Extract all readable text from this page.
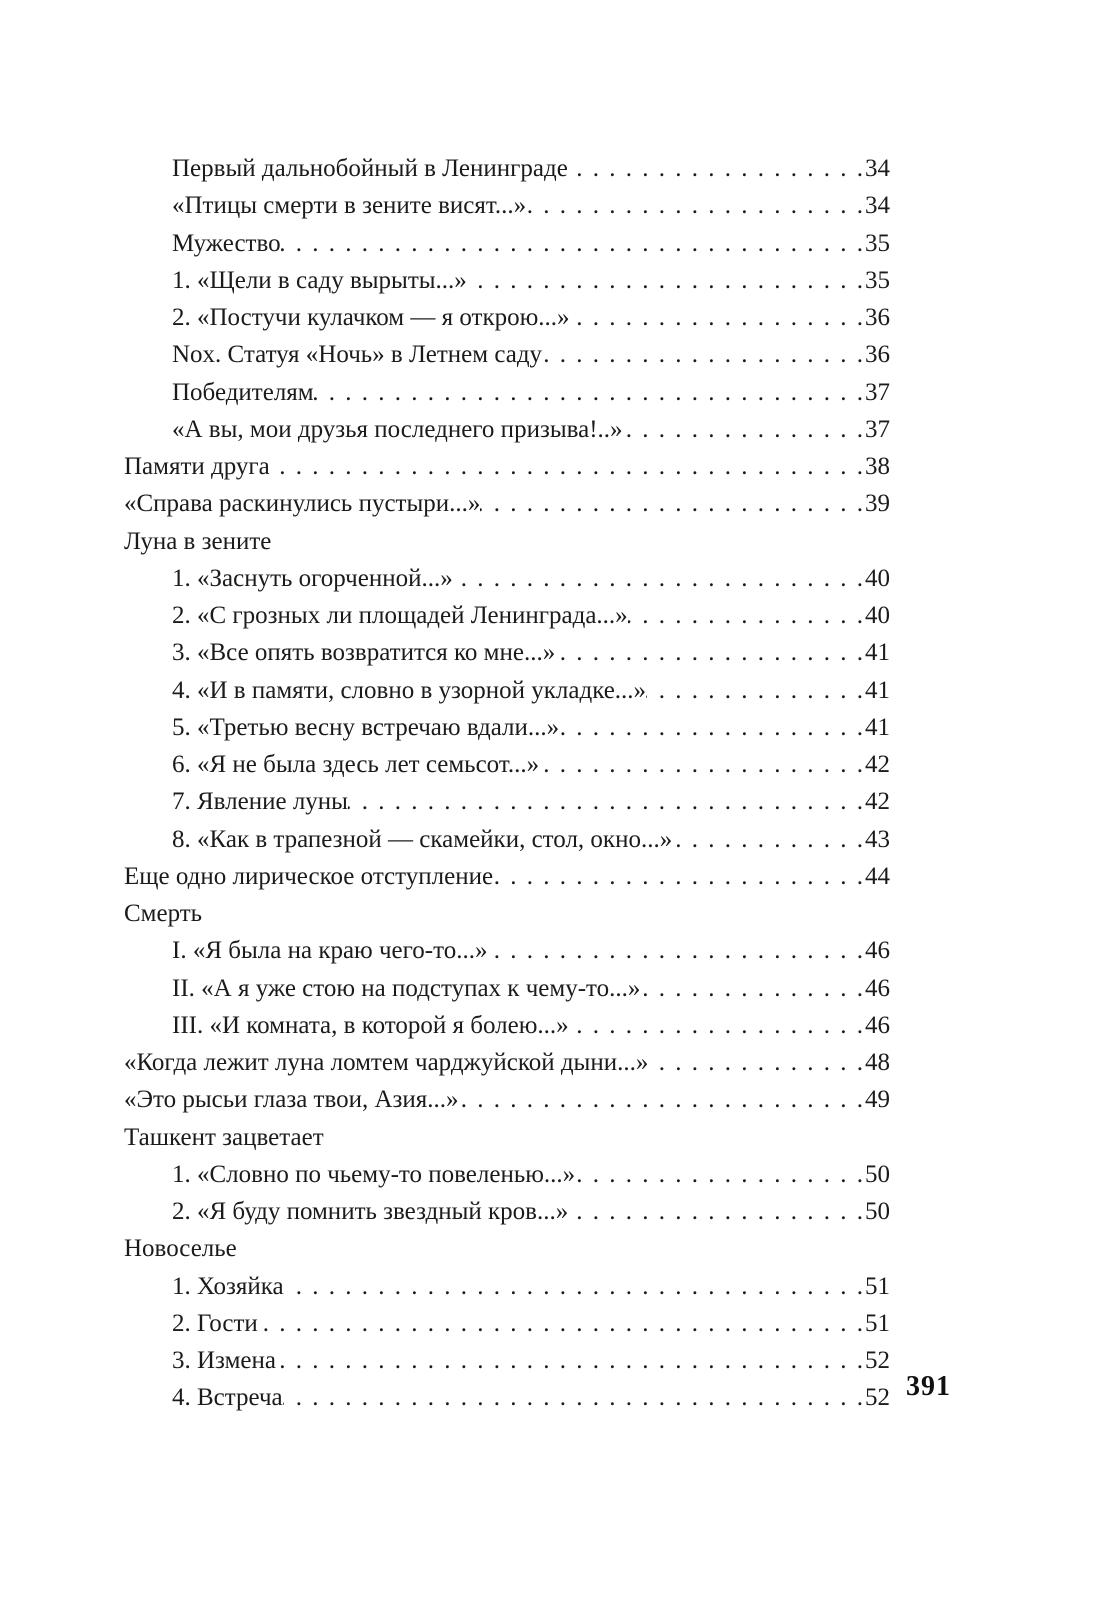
Первый дальнобойный в Ленинграде . . .	34
«Птицы смерти в зените висят...» . . .	34
Мужество . . .	35
1. «Щели в саду вырыты...» . . .	35
2. «Постучи кулачком — я открою...» . . .	36
Nox. Статуя «Ночь» в Летнем саду . . .	36
Победителям . . .	37
«А вы, мои друзья последнего призыва!..» . . .	37
Памяти друга . . .	38
«Справа раскинулись пустыри...» . . .	39
Луна в зените
1. «Заснуть огорченной...» . . .	40
2. «С грозных ли площадей Ленинграда...» . . .	40
3. «Все опять возвратится ко мне...» . . .	41
4. «И в памяти, словно в узорной укладке...» . . .	41
5. «Третью весну встречаю вдали...» . . .	41
6. «Я не была здесь лет семьсот...» . . .	42
7. Явление луны . . .	42
8. «Как в трапезной — скамейки, стол, окно...» . . .	43
Еще одно лирическое отступление . . .	44
Смерть
I. «Я была на краю чего-то...» . . .	46
II. «А я уже стою на подступах к чему-то...» . . .	46
III. «И комната, в которой я болею...» . . .	46
«Когда лежит луна ломтем чарджуйской дыни...» . . .	48
«Это рысьи глаза твои, Азия...» . . .	49
Ташкент зацветает
1. «Словно по чьему-то повеленью...» . . .	50
2. «Я буду помнить звездный кров...» . . .	50
Новоселье
1. Хозяйка . . .	51
2. Гости . . .	51
3. Измена . . .	52
4. Встреча . . .	52 391
